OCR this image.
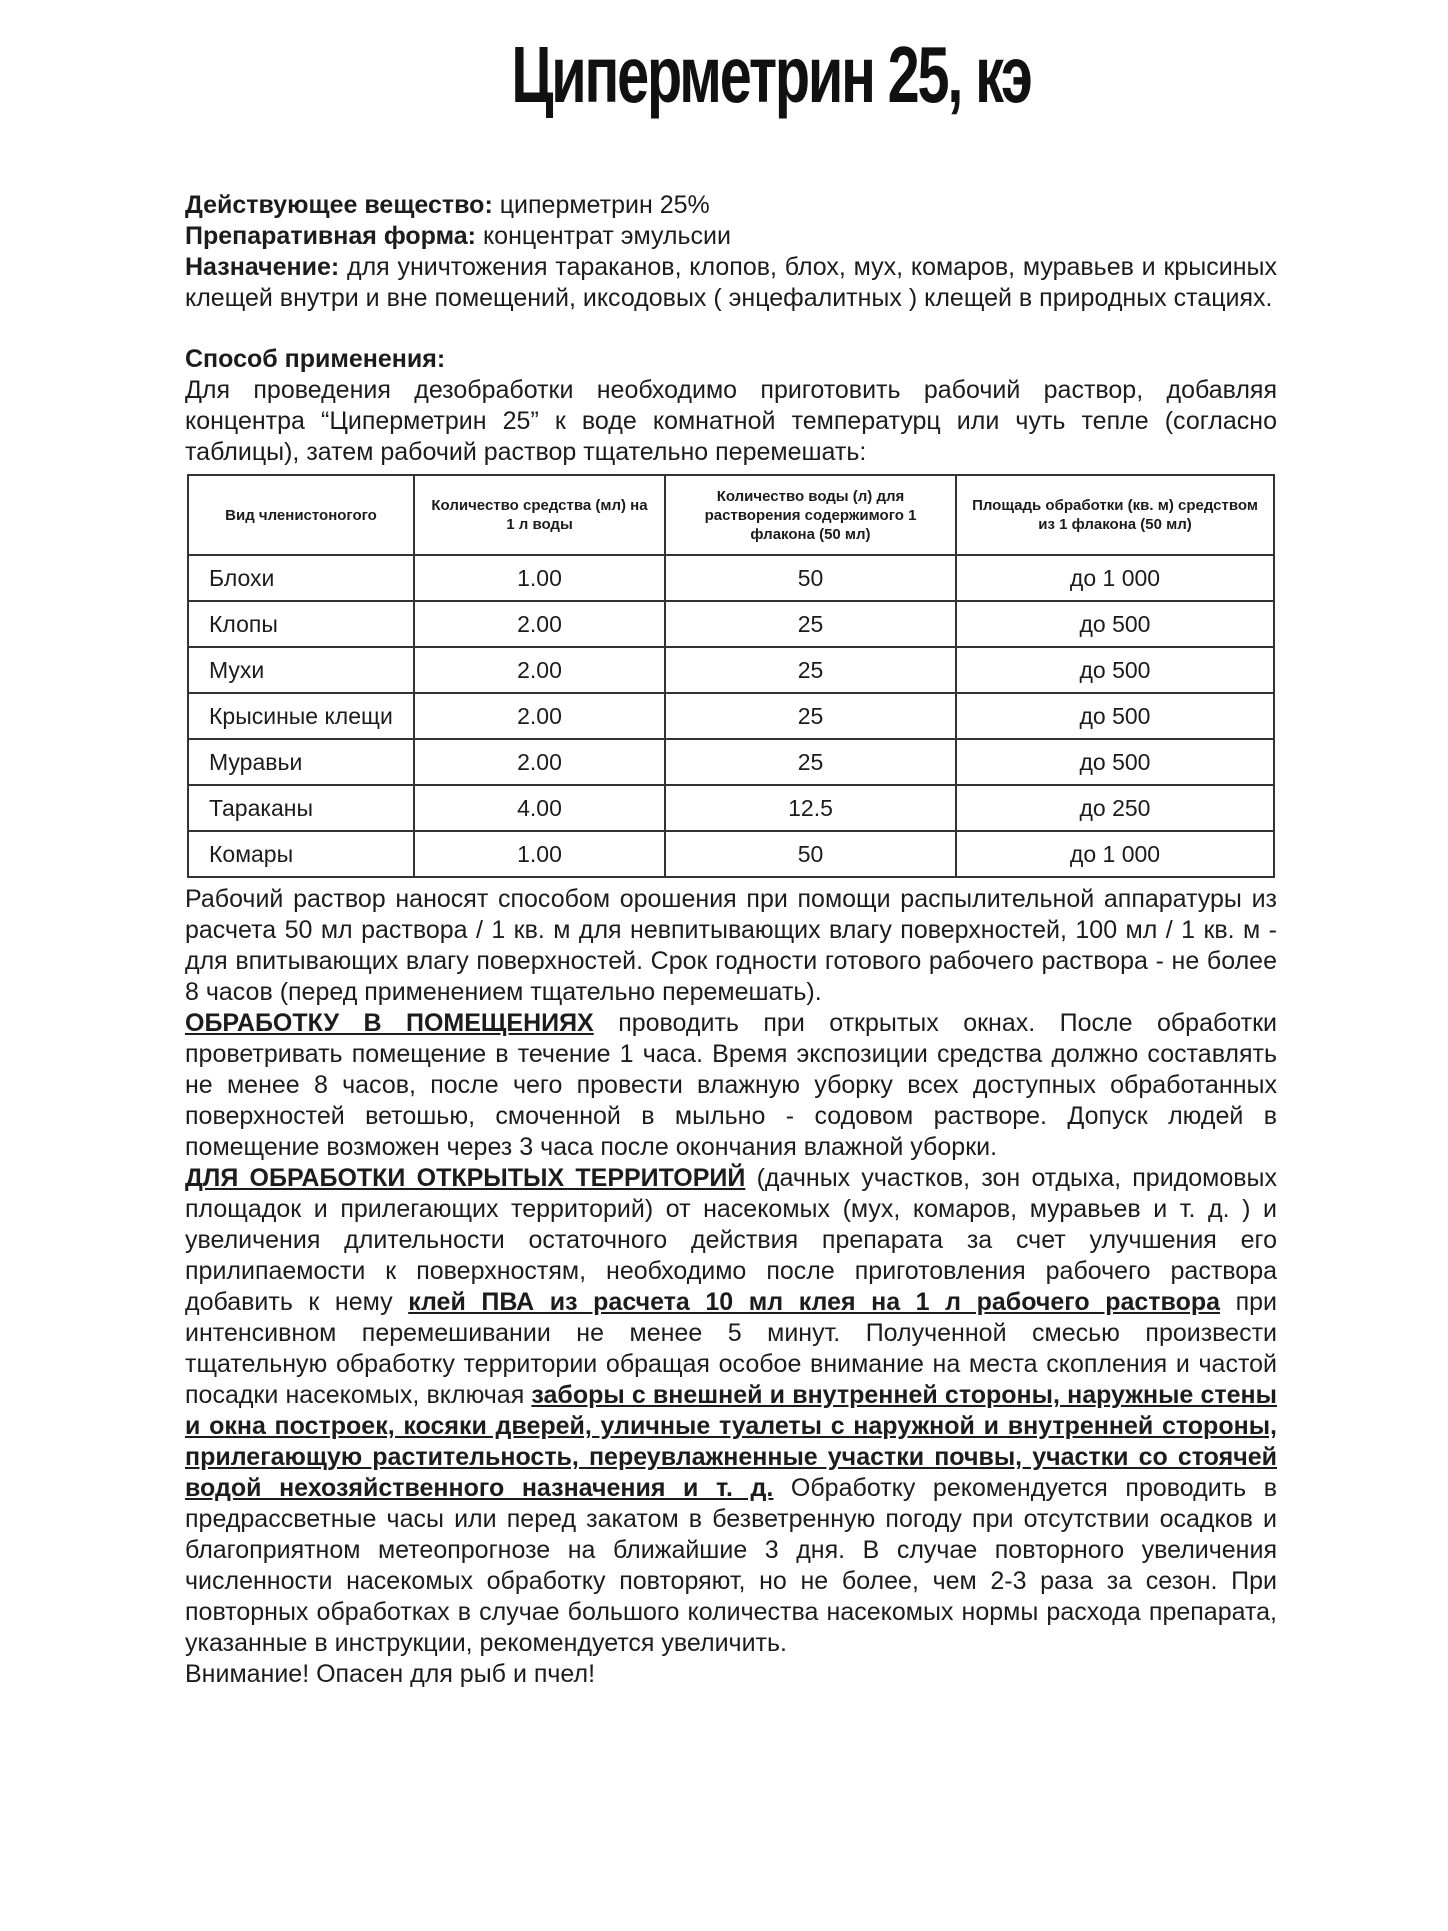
Циперметрин 25, кэ
Действующее вещество: циперметрин 25%
Препаративная форма: концентрат эмульсии
Назначение: для уничтожения тараканов, клопов, блох, мух, комаров, муравьев и крысиных клещей внутри и вне помещений, иксодовых ( энцефалитных ) клещей в природных стациях.
Способ применения:
Для проведения дезобработки необходимо приготовить рабочий раствор, добавляя концентра “Циперметрин 25” к воде комнатной температурц или чуть тепле (согласно таблицы), затем рабочий раствор тщательно перемешать:
Вид членистоногого	Количество средства (мл) на 1 л воды	Количество воды (л) для растворения содержимого 1 флакона (50 мл)	Площадь обработки (кв. м) средством из 1 флакона (50 мл)
Блохи	1.00	50	до 1 000
Клопы	2.00	25	до 500
Мухи	2.00	25	до 500
Крысиные клещи	2.00	25	до 500
Муравьи	2.00	25	до 500
Тараканы	4.00	12.5	до 250
Комары	1.00	50	до 1 000
Рабочий раствор наносят способом орошения при помощи распылительной аппаратуры из расчета 50 мл раствора / 1 кв. м для невпитывающих влагу поверхностей, 100 мл / 1 кв. м - для впитывающих влагу поверхностей. Срок годности готового рабочего раствора - не более 8 часов (перед применением тщательно перемешать).
ОБРАБОТКУ В ПОМЕЩЕНИЯХ проводить при открытых окнах. После обработки проветривать помещение в течение 1 часа. Время экспозиции средства должно составлять не менее 8 часов, после чего провести влажную уборку всех доступных обработанных поверхностей ветошью, смоченной в мыльно - содовом растворе. Допуск людей в помещение возможен через 3 часа после окончания влажной уборки.
ДЛЯ ОБРАБОТКИ ОТКРЫТЫХ ТЕРРИТОРИЙ (дачных участков, зон отдыха, придомовых площадок и прилегающих территорий) от насекомых (мух, комаров, муравьев и т. д. ) и увеличения длительности остаточного действия препарата за счет улучшения его прилипаемости к поверхностям, необходимо после приготовления рабочего раствора добавить к нему клей ПВА из расчета 10 мл клея на 1 л рабочего раствора при интенсивном перемешивании не менее 5 минут. Полученной смесью произвести тщательную обработку территории обращая особое внимание на места скопления и частой посадки насекомых, включая заборы с внешней и внутренней стороны, наружные стены и окна построек, косяки дверей, уличные туалеты с наружной и внутренней стороны, прилегающую растительность, переувлажненные участки почвы, участки со стоячей водой нехозяйственного назначения и т. д. Обработку рекомендуется проводить в предрассветные часы или перед закатом в безветренную погоду при отсутствии осадков и благоприятном метеопрогнозе на ближайшие 3 дня. В случае повторного увеличения численности насекомых обработку повторяют, но не более, чем 2-3 раза за сезон. При повторных обработках в случае большого количества насекомых нормы расхода препарата, указанные в инструкции, рекомендуется увеличить.
Внимание! Опасен для рыб и пчел!
